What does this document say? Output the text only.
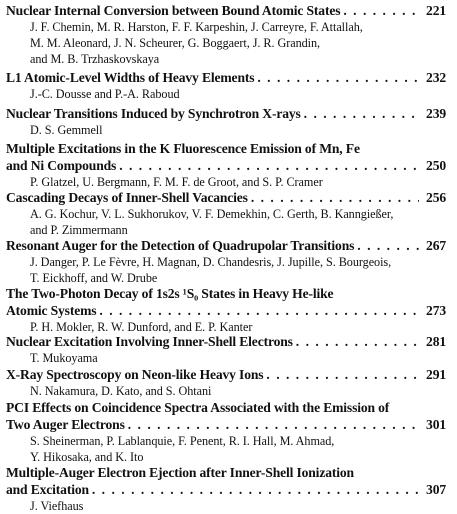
Nuclear Internal Conversion between Bound Atomic States . . .	221
J. F. Chemin, M. R. Harston, F. F. Karpeshin, J. Carreyre, F. Attallah,
M. M. Aleonard, J. N. Scheurer, G. Boggaert, J. R. Grandin,
and M. B. Trzhaskovskaya
L1 Atomic-Level Widths of Heavy Elements . . .	232
J.-C. Dousse and P.-A. Raboud
Nuclear Transitions Induced by Synchrotron X-rays . . .	239
D. S. Gemmell
Multiple Excitations in the K Fluorescence Emission of Mn, Fe
and Ni Compounds . . .	250
P. Glatzel, U. Bergmann, F. M. F. de Groot, and S. P. Cramer
Cascading Decays of Inner-Shell Vacancies . . .	256
A. G. Kochur, V. L. Sukhorukov, V. F. Demekhin, C. Gerth, B. Kanngießer,
and P. Zimmermann
Resonant Auger for the Detection of Quadrupolar Transitions . . .	267
J. Danger, P. Le Fèvre, H. Magnan, D. Chandesris, J. Jupille, S. Bourgeois,
T. Eickhoff, and W. Drube
The Two-Photon Decay of 1s2s ¹S₀ States in Heavy He-like
Atomic Systems . . .	273
P. H. Mokler, R. W. Dunford, and E. P. Kanter
Nuclear Excitation Involving Inner-Shell Electrons . . .	281
T. Mukoyama
X-Ray Spectroscopy on Neon-like Heavy Ions . . .	291
N. Nakamura, D. Kato, and S. Ohtani
PCI Effects on Coincidence Spectra Associated with the Emission of
Two Auger Electrons . . .	301
S. Sheinerman, P. Lablanquie, F. Penent, R. I. Hall, M. Ahmad,
Y. Hikosaka, and K. Ito
Multiple-Auger Electron Ejection after Inner-Shell Ionization
and Excitation . . .	307
J. Viefhaus
